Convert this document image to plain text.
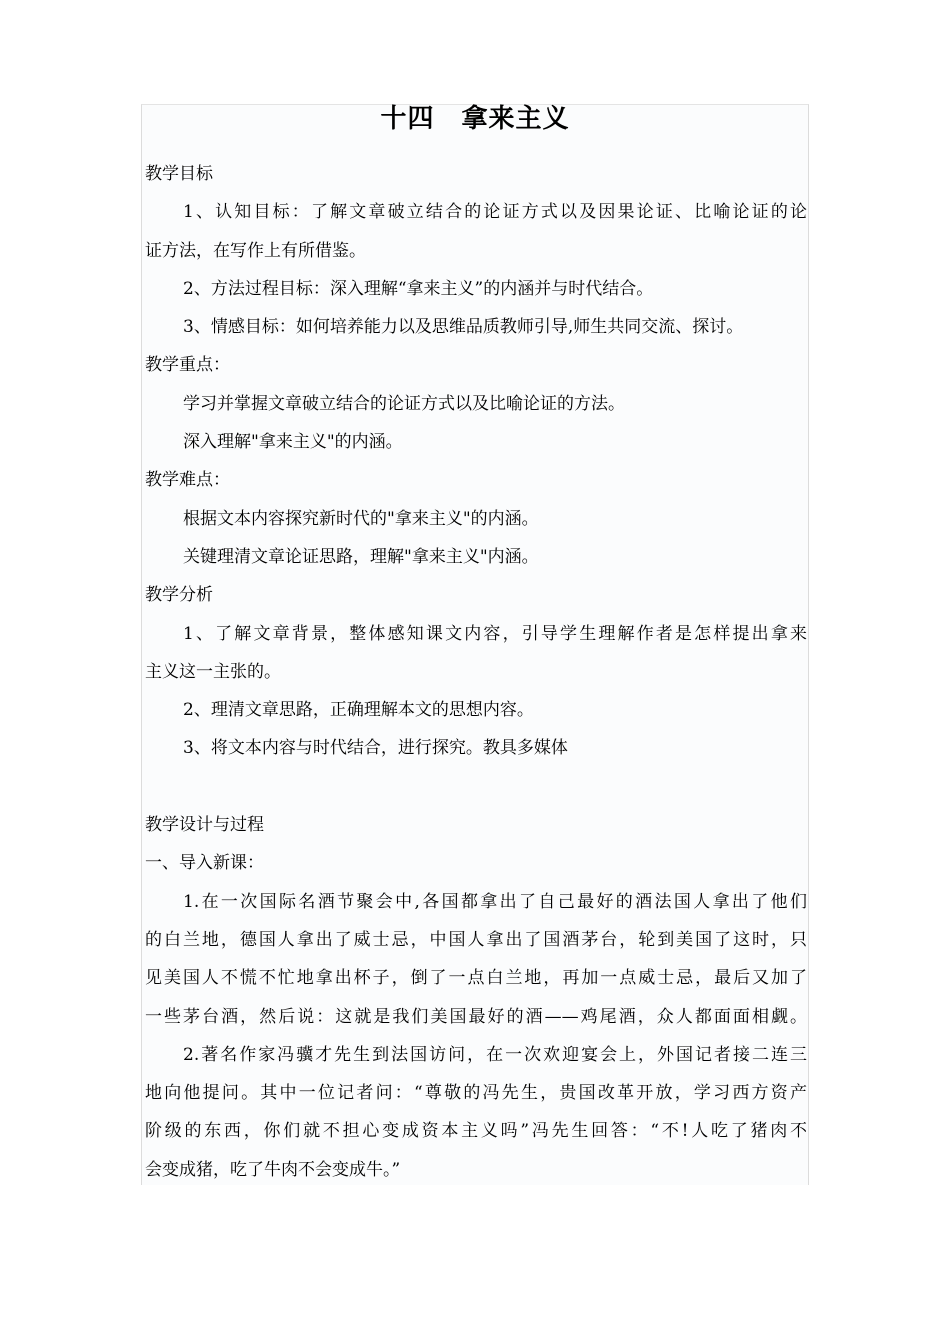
十四　拿来主义
教学目标
1、认知目标：了解文章破立结合的论证方式以及因果论证、比喻论证的论
证方法，在写作上有所借鉴。
2、方法过程目标：深入理解“拿来主义”的内涵并与时代结合。
3、情感目标：如何培养能力以及思维品质教师引导,师生共同交流、探讨。
教学重点：
学习并掌握文章破立结合的论证方式以及比喻论证的方法。
深入理解"拿来主义"的内涵。
教学难点：
根据文本内容探究新时代的"拿来主义"的内涵。
关键理清文章论证思路，理解"拿来主义"内涵。
教学分析
1、了解文章背景，整体感知课文内容，引导学生理解作者是怎样提出拿来
主义这一主张的。
2、理清文章思路，正确理解本文的思想内容。
3、将文本内容与时代结合，进行探究。教具多媒体
教学设计与过程
一、导入新课：
1.在一次国际名酒节聚会中,各国都拿出了自己最好的酒法国人拿出了他们
的白兰地，德国人拿出了威士忌，中国人拿出了国酒茅台，轮到美国了这时，只
见美国人不慌不忙地拿出杯子，倒了一点白兰地，再加一点威士忌，最后又加了
一些茅台酒，然后说：这就是我们美国最好的酒——鸡尾酒，众人都面面相觑。
2.著名作家冯骥才先生到法国访问，在一次欢迎宴会上，外国记者接二连三
地向他提问。其中一位记者问：“尊敬的冯先生，贵国改革开放，学习西方资产
阶级的东西，你们就不担心变成资本主义吗”冯先生回答：“不!人吃了猪肉不
会变成猪，吃了牛肉不会变成牛。”
